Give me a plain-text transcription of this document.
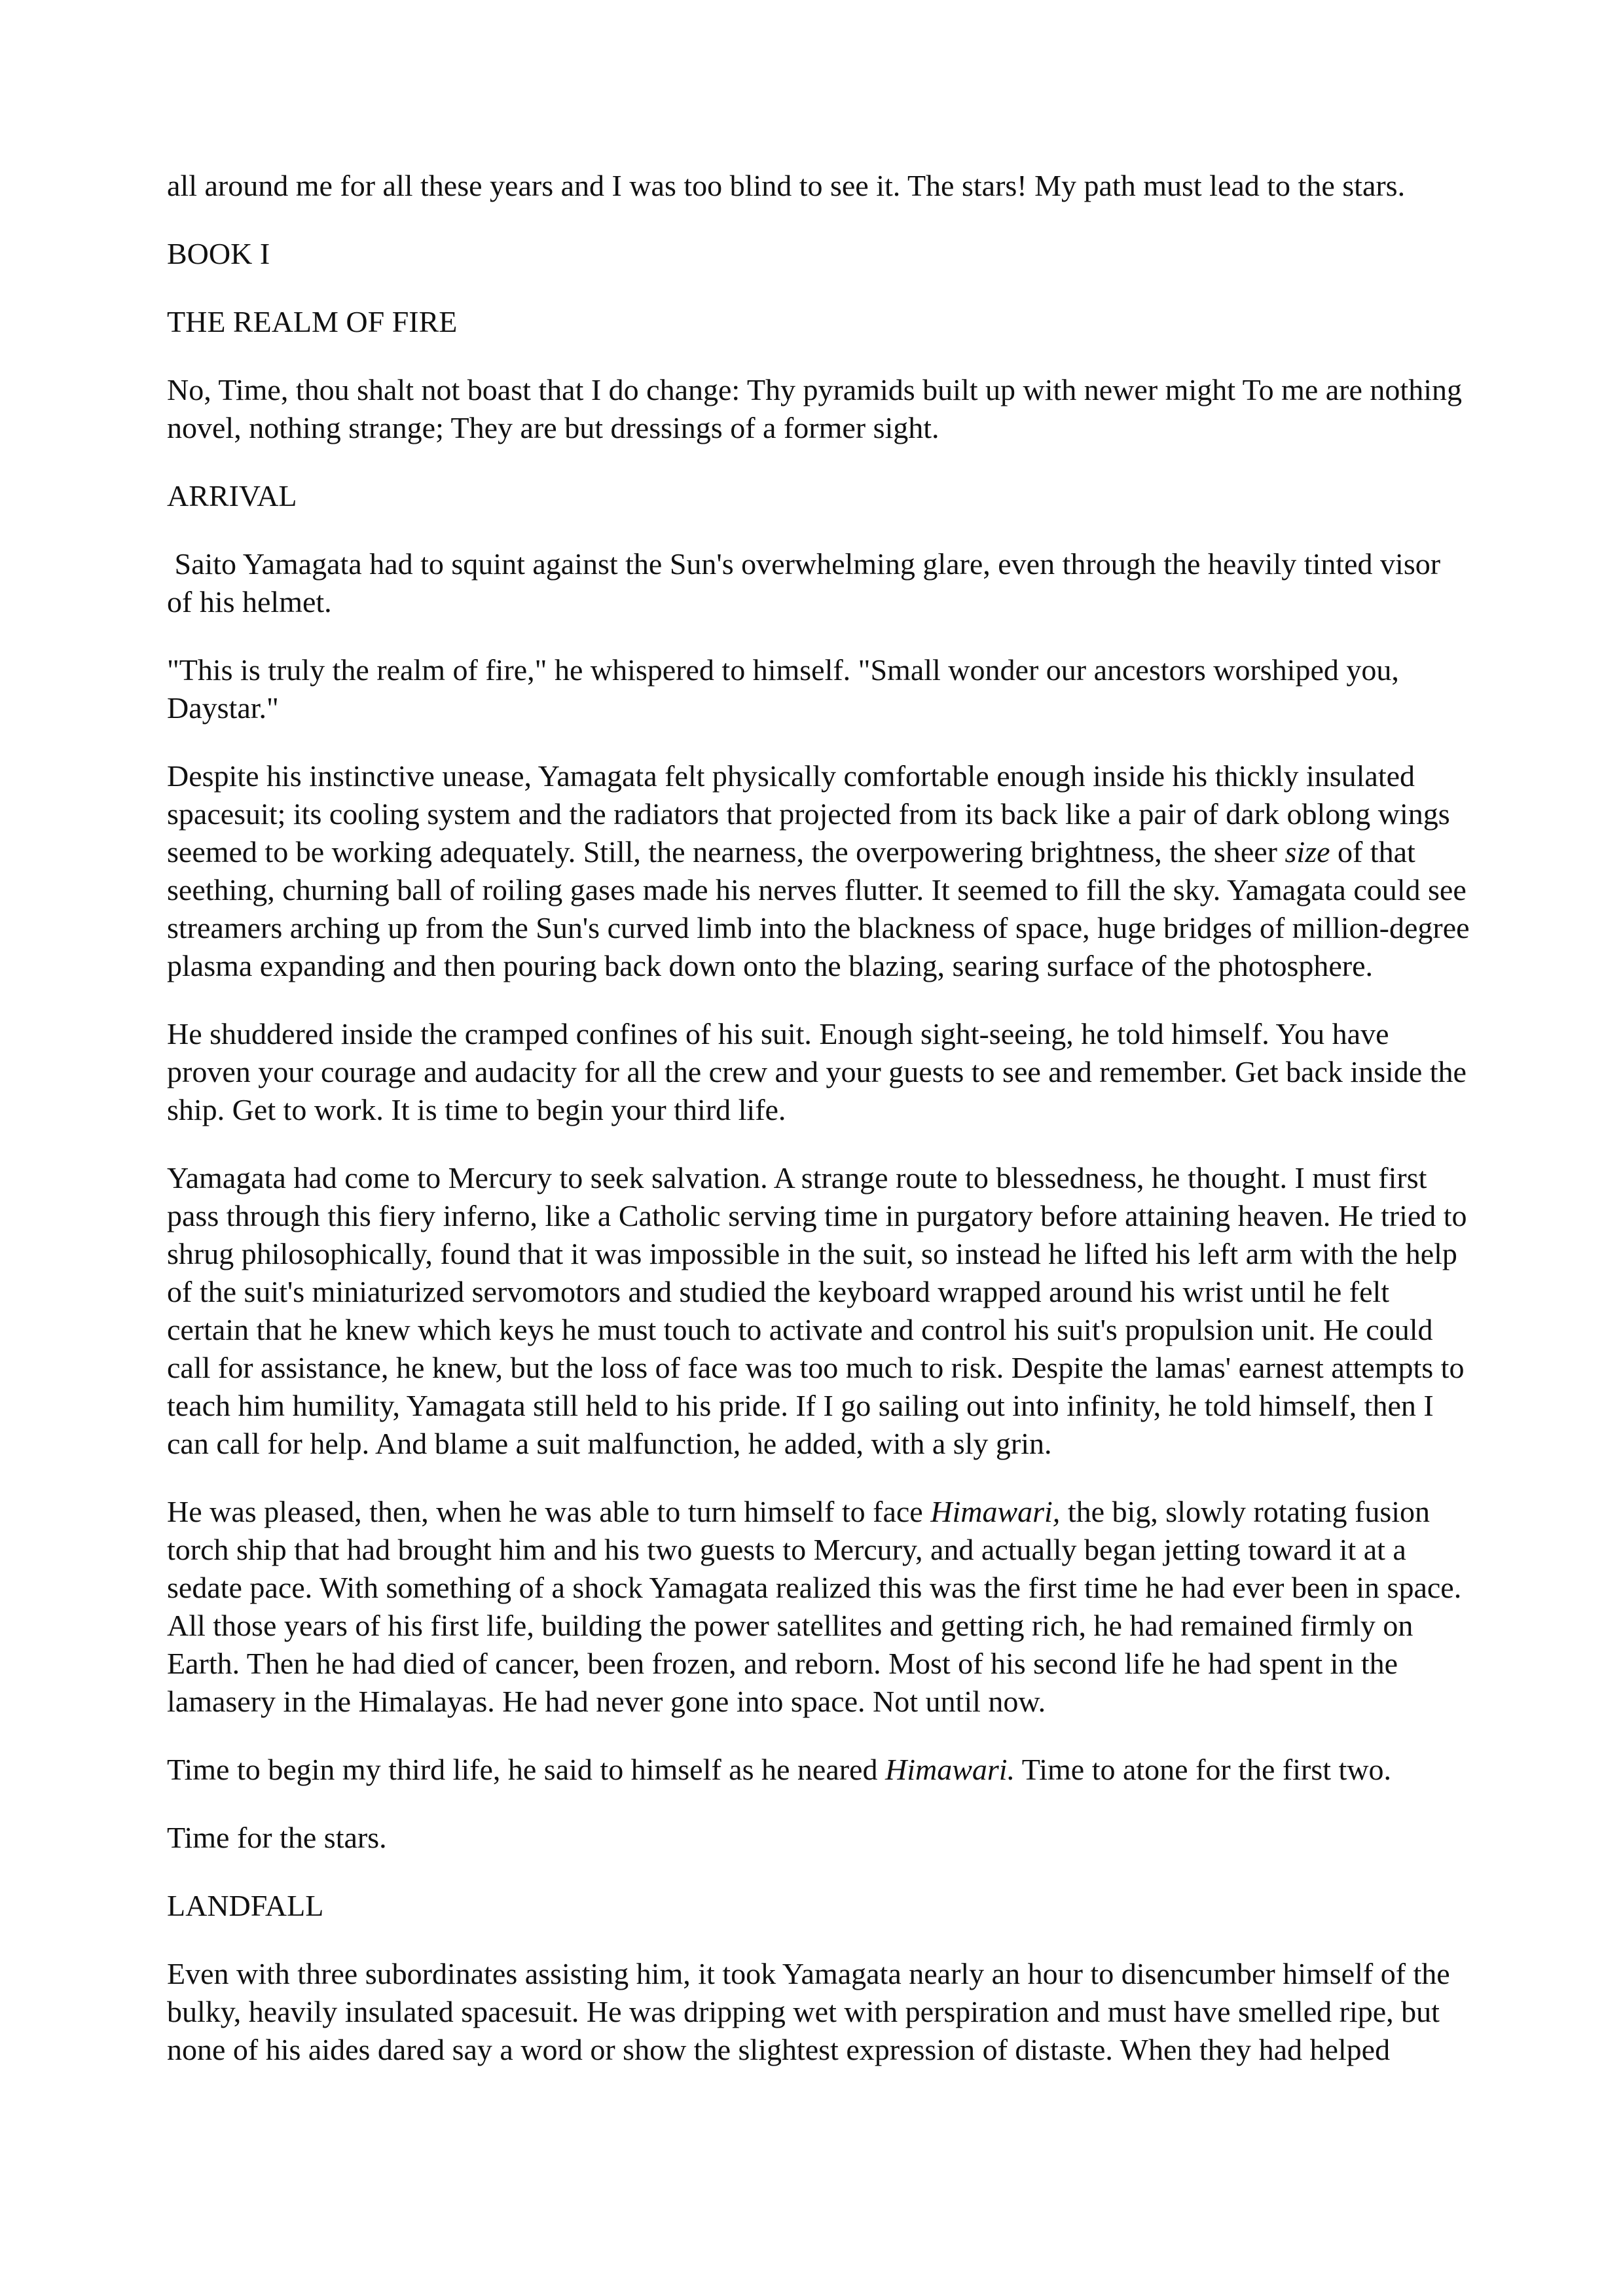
all around me for all these years and I was too blind to see it. The stars! My path must lead to the stars.

BOOK I

THE REALM OF FIRE

No, Time, thou shalt not boast that I do change: Thy pyramids built up with newer might To me are nothing novel, nothing strange; They are but dressings of a former sight.

ARRIVAL

Saito Yamagata had to squint against the Sun's overwhelming glare, even through the heavily tinted visor of his helmet.

"This is truly the realm of fire," he whispered to himself. "Small wonder our ancestors worshiped you, Daystar."

Despite his instinctive unease, Yamagata felt physically comfortable enough inside his thickly insulated spacesuit; its cooling system and the radiators that projected from its back like a pair of dark oblong wings seemed to be working adequately. Still, the nearness, the overpowering brightness, the sheer size of that seething, churning ball of roiling gases made his nerves flutter. It seemed to fill the sky. Yamagata could see streamers arching up from the Sun's curved limb into the blackness of space, huge bridges of million-degree plasma expanding and then pouring back down onto the blazing, searing surface of the photosphere.

He shuddered inside the cramped confines of his suit. Enough sight-seeing, he told himself. You have proven your courage and audacity for all the crew and your guests to see and remember. Get back inside the ship. Get to work. It is time to begin your third life.

Yamagata had come to Mercury to seek salvation. A strange route to blessedness, he thought. I must first pass through this fiery inferno, like a Catholic serving time in purgatory before attaining heaven. He tried to shrug philosophically, found that it was impossible in the suit, so instead he lifted his left arm with the help of the suit's miniaturized servomotors and studied the keyboard wrapped around his wrist until he felt certain that he knew which keys he must touch to activate and control his suit's propulsion unit. He could call for assistance, he knew, but the loss of face was too much to risk. Despite the lamas' earnest attempts to teach him humility, Yamagata still held to his pride. If I go sailing out into infinity, he told himself, then I can call for help. And blame a suit malfunction, he added, with a sly grin.

He was pleased, then, when he was able to turn himself to face Himawari, the big, slowly rotating fusion torch ship that had brought him and his two guests to Mercury, and actually began jetting toward it at a sedate pace. With something of a shock Yamagata realized this was the first time he had ever been in space. All those years of his first life, building the power satellites and getting rich, he had remained firmly on Earth. Then he had died of cancer, been frozen, and reborn. Most of his second life he had spent in the lamasery in the Himalayas. He had never gone into space. Not until now.

Time to begin my third life, he said to himself as he neared Himawari. Time to atone for the first two.

Time for the stars.

LANDFALL

Even with three subordinates assisting him, it took Yamagata nearly an hour to disencumber himself of the bulky, heavily insulated spacesuit. He was dripping wet with perspiration and must have smelled ripe, but none of his aides dared say a word or show the slightest expression of distaste. When they had helped
